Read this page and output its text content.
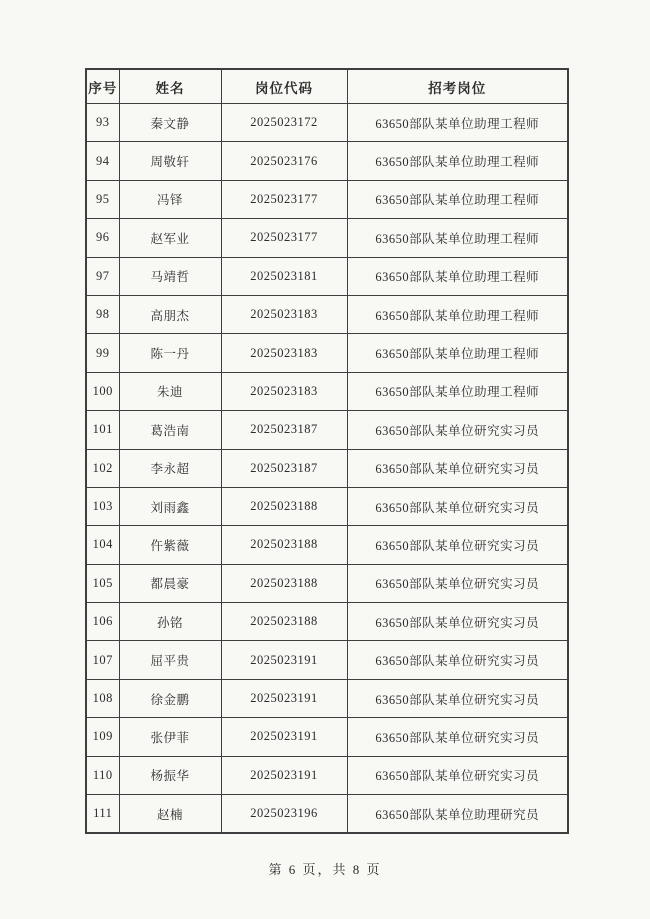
序号	姓名	岗位代码	招考岗位
93	秦文静	2025023172	63650部队某单位助理工程师
94	周敬轩	2025023176	63650部队某单位助理工程师
95	冯铎	2025023177	63650部队某单位助理工程师
96	赵军业	2025023177	63650部队某单位助理工程师
97	马靖哲	2025023181	63650部队某单位助理工程师
98	高朋杰	2025023183	63650部队某单位助理工程师
99	陈一丹	2025023183	63650部队某单位助理工程师
100	朱迪	2025023183	63650部队某单位助理工程师
101	葛浩南	2025023187	63650部队某单位研究实习员
102	李永超	2025023187	63650部队某单位研究实习员
103	刘雨鑫	2025023188	63650部队某单位研究实习员
104	仵紫薇	2025023188	63650部队某单位研究实习员
105	都晨豪	2025023188	63650部队某单位研究实习员
106	孙铭	2025023188	63650部队某单位研究实习员
107	屈平贵	2025023191	63650部队某单位研究实习员
108	徐金鹏	2025023191	63650部队某单位研究实习员
109	张伊菲	2025023191	63650部队某单位研究实习员
110	杨振华	2025023191	63650部队某单位研究实习员
111	赵楠	2025023196	63650部队某单位助理研究员
第 6 页，共 8 页
